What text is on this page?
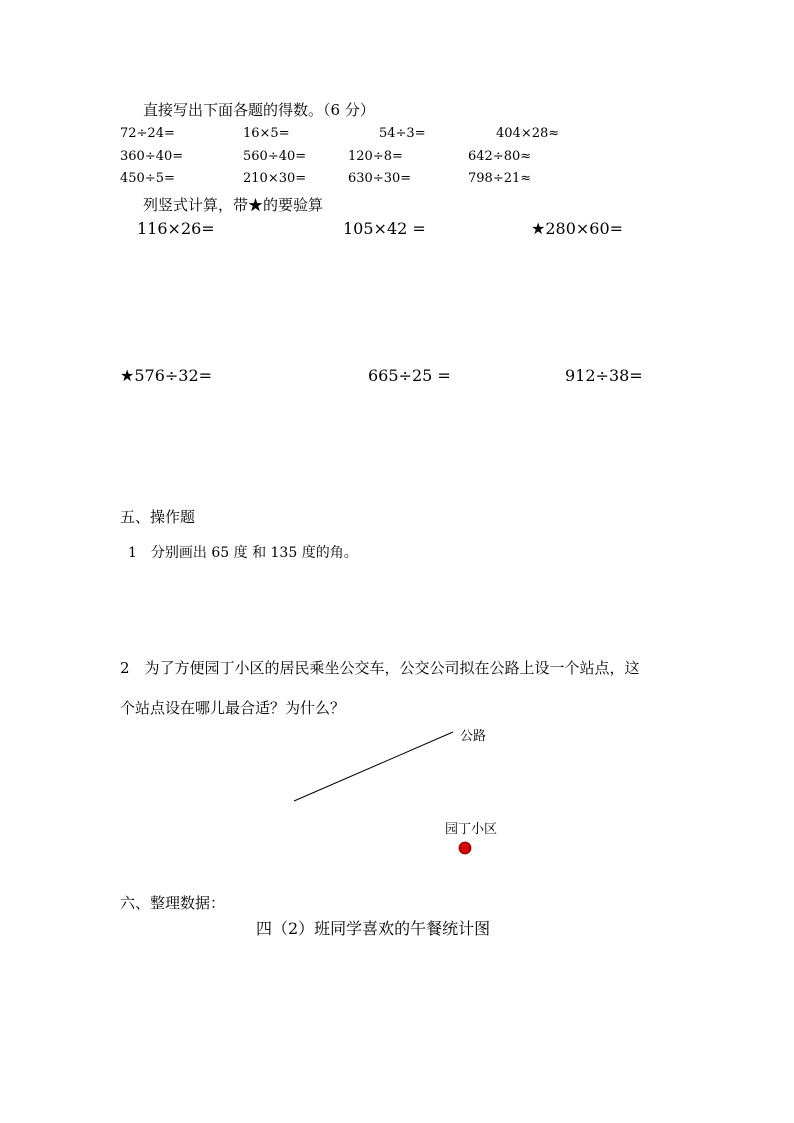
直接写出下面各题的得数。（6 分）
72÷24=	16×5=	54÷3=	404×28≈
360÷40=	560÷40=	120÷8=	642÷80≈
450÷5=	210×30=	630÷30=	798÷21≈
列竖式计算，带★的要验算
116×26=	105×42 =	★280×60=
★576÷32=	665÷25 =	912÷38=
五、操作题
1　分别画出 65 度 和 135 度的角。
2　为了方便园丁小区的居民乘坐公交车，公交公司拟在公路上设一个站点，这
个站点设在哪儿最合适？为什么？
公路
园丁小区
六、整理数据：
四（2）班同学喜欢的午餐统计图
